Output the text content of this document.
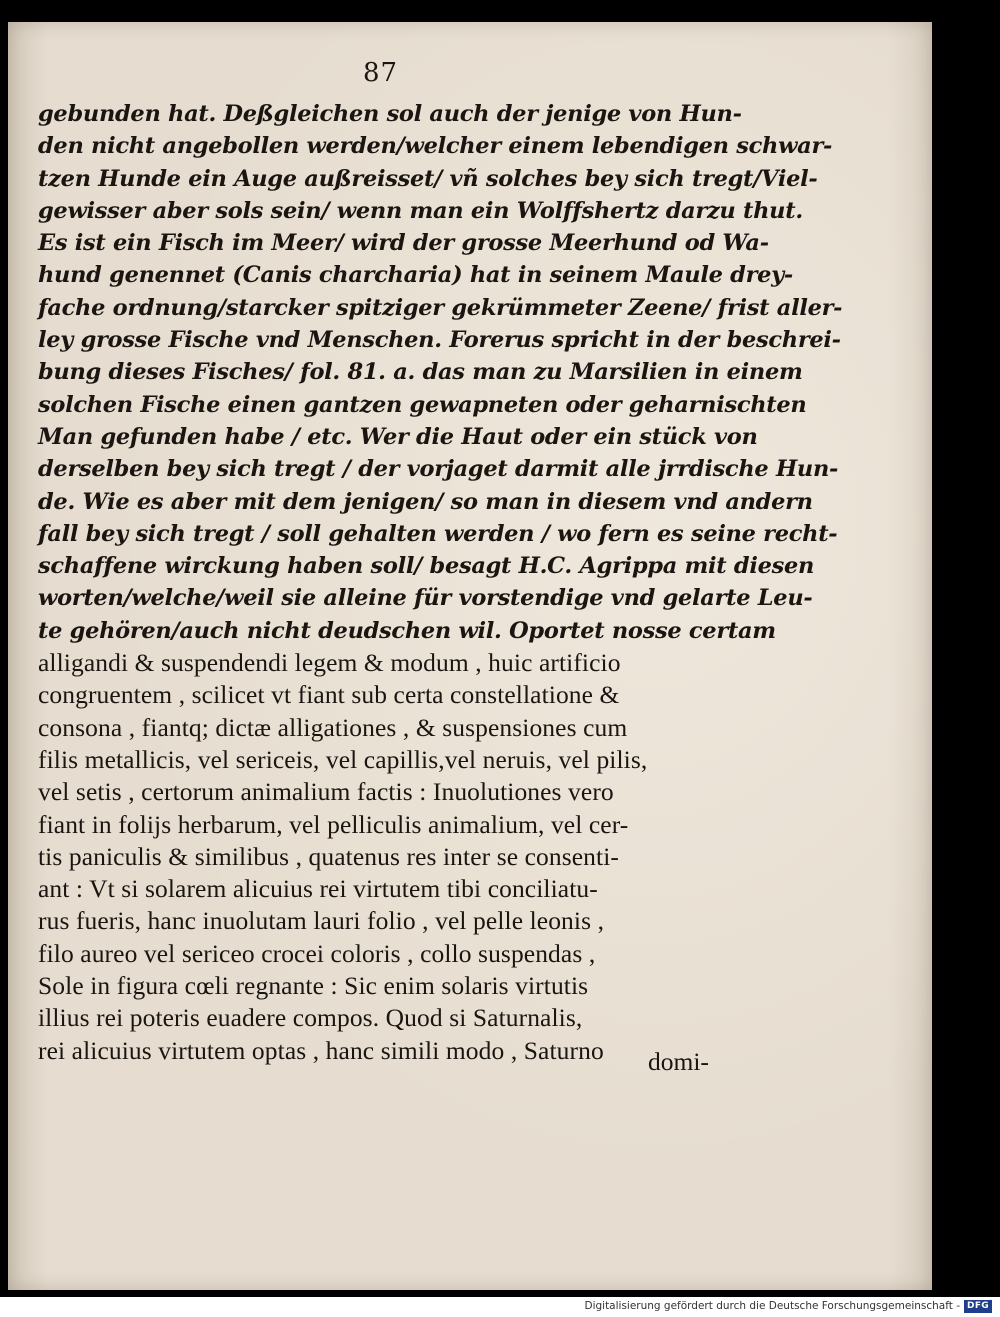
87
gebunden hat. Deßgleichen sol auch der jenige von Hun-
den nicht angebollen werden/welcher einem lebendigen schwar-
tzen Hunde ein Auge außreisset/ vñ solches bey sich tregt/Viel-
gewisser aber sols sein/ wenn man ein Wolffshertz darzu thut.
Es ist ein Fisch im Meer/ wird der grosse Meerhund od Wa-
hund genennet (Canis charcharia) hat in seinem Maule drey-
fache ordnung/starcker spitziger gekrümmeter Zeene/ frist aller-
ley grosse Fische vnd Menschen. Forerus spricht in der beschrei-
bung dieses Fisches/ fol. 81. a. das man zu Marsilien in einem
solchen Fische einen gantzen gewapneten oder geharnischten
Man gefunden habe / etc. Wer die Haut oder ein stück von
derselben bey sich tregt / der vorjaget darmit alle jrrdische Hun-
de. Wie es aber mit dem jenigen/ so man in diesem vnd andern
fall bey sich tregt / soll gehalten werden / wo fern es seine recht-
schaffene wirckung haben soll/ besagt H.C. Agrippa mit diesen
worten/welche/weil sie alleine für vorstendige vnd gelarte Leu-
te gehören/auch nicht deudschen wil. Oportet nosse certam
alligandi & suspendendi legem & modum , huic artificio
congruentem , scilicet vt fiant sub certa constellatione &
consona , fiantq; dictæ alligationes , & suspensiones cum
filis metallicis, vel sericeis, vel capillis,vel neruis, vel pilis,
vel setis , certorum animalium factis : Inuolutiones vero
fiant in folijs herbarum, vel pelliculis animalium, vel cer-
tis paniculis & similibus , quatenus res inter se consenti-
ant : Vt si solarem alicuius rei virtutem tibi conciliatu-
rus fueris, hanc inuolutam lauri folio , vel pelle leonis ,
filo aureo vel sericeo crocei coloris , collo suspendas ,
Sole in figura cœli regnante : Sic enim solaris virtutis
illius rei poteris euadere compos. Quod si Saturnalis,
rei alicuius virtutem optas , hanc simili modo , Saturno	domi-
Digitalisierung gefördert durch die Deutsche Forschungsgemeinschaft - DFG
